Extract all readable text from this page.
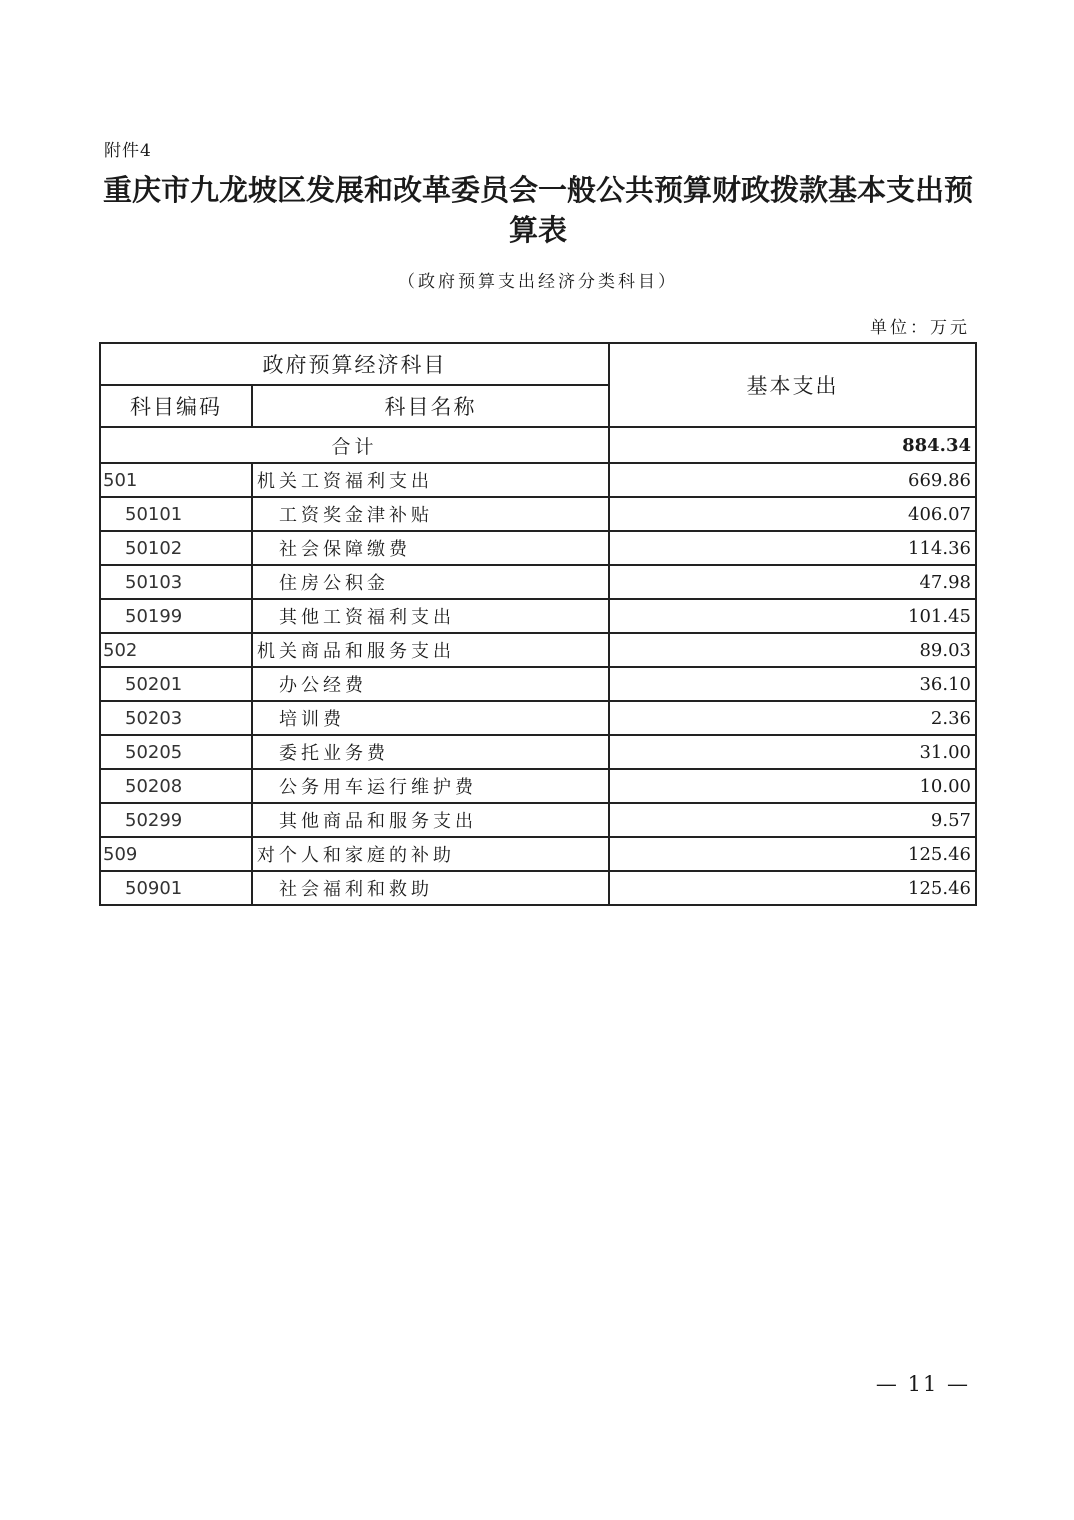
附件4
重庆市九龙坡区发展和改革委员会一般公共预算财政拨款基本支出预算表
（政府预算支出经济分类科目）
单位：万元
政府预算经济科目		基本支出
科目编码	科目名称	
合计		884.34
501	机关工资福利支出	669.86
50101	工资奖金津补贴	406.07
50102	社会保障缴费	114.36
50103	住房公积金	47.98
50199	其他工资福利支出	101.45
502	机关商品和服务支出	89.03
50201	办公经费	36.10
50203	培训费	2.36
50205	委托业务费	31.00
50208	公务用车运行维护费	10.00
50299	其他商品和服务支出	9.57
509	对个人和家庭的补助	125.46
50901	社会福利和救助	125.46
— 11 —
